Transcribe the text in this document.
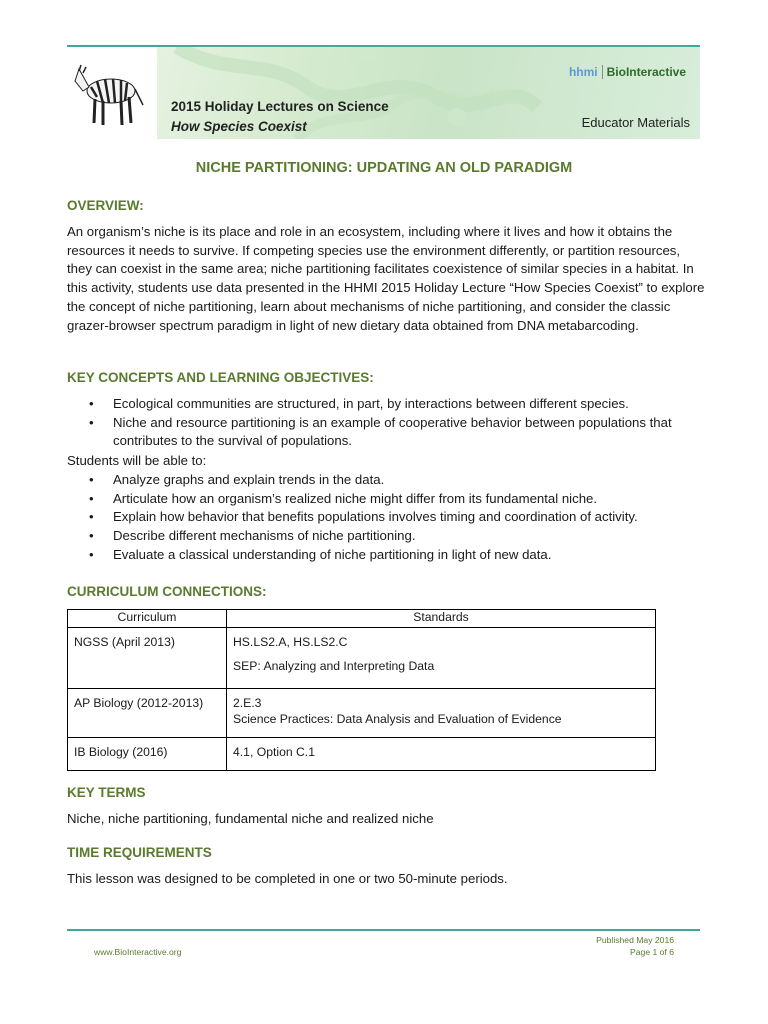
2015 Holiday Lectures on Science
How Species Coexist
hhmi BioInteractive
Educator Materials
NICHE PARTITIONING: UPDATING AN OLD PARADIGM
OVERVIEW:

An organism’s niche is its place and role in an ecosystem, including where it lives and how it obtains the resources it needs to survive. If competing species use the environment differently, or partition resources, they can coexist in the same area; niche partitioning facilitates coexistence of similar species in a habitat. In this activity, students use data presented in the HHMI 2015 Holiday Lecture “How Species Coexist” to explore the concept of niche partitioning, learn about mechanisms of niche partitioning, and consider the classic grazer-browser spectrum paradigm in light of new dietary data obtained from DNA metabarcoding.

KEY CONCEPTS AND LEARNING OBJECTIVES:
• Ecological communities are structured, in part, by interactions between different species.
• Niche and resource partitioning is an example of cooperative behavior between populations that contributes to the survival of populations.
Students will be able to:
• Analyze graphs and explain trends in the data.
• Articulate how an organism’s realized niche might differ from its fundamental niche.
• Explain how behavior that benefits populations involves timing and coordination of activity.
• Describe different mechanisms of niche partitioning.
• Evaluate a classical understanding of niche partitioning in light of new data.
CURRICULUM CONNECTIONS:
Curriculum	Standards
NGSS (April 2013)	HS.LS2.A, HS.LS2.C
SEP: Analyzing and Interpreting Data
AP Biology (2012-2013)	2.E.3
Science Practices: Data Analysis and Evaluation of Evidence
IB Biology (2016)	4.1, Option C.1
KEY TERMS
Niche, niche partitioning, fundamental niche and realized niche
TIME REQUIREMENTS
This lesson was designed to be completed in one or two 50-minute periods.
www.BioInteractive.org
Published May 2016
Page 1 of 6
